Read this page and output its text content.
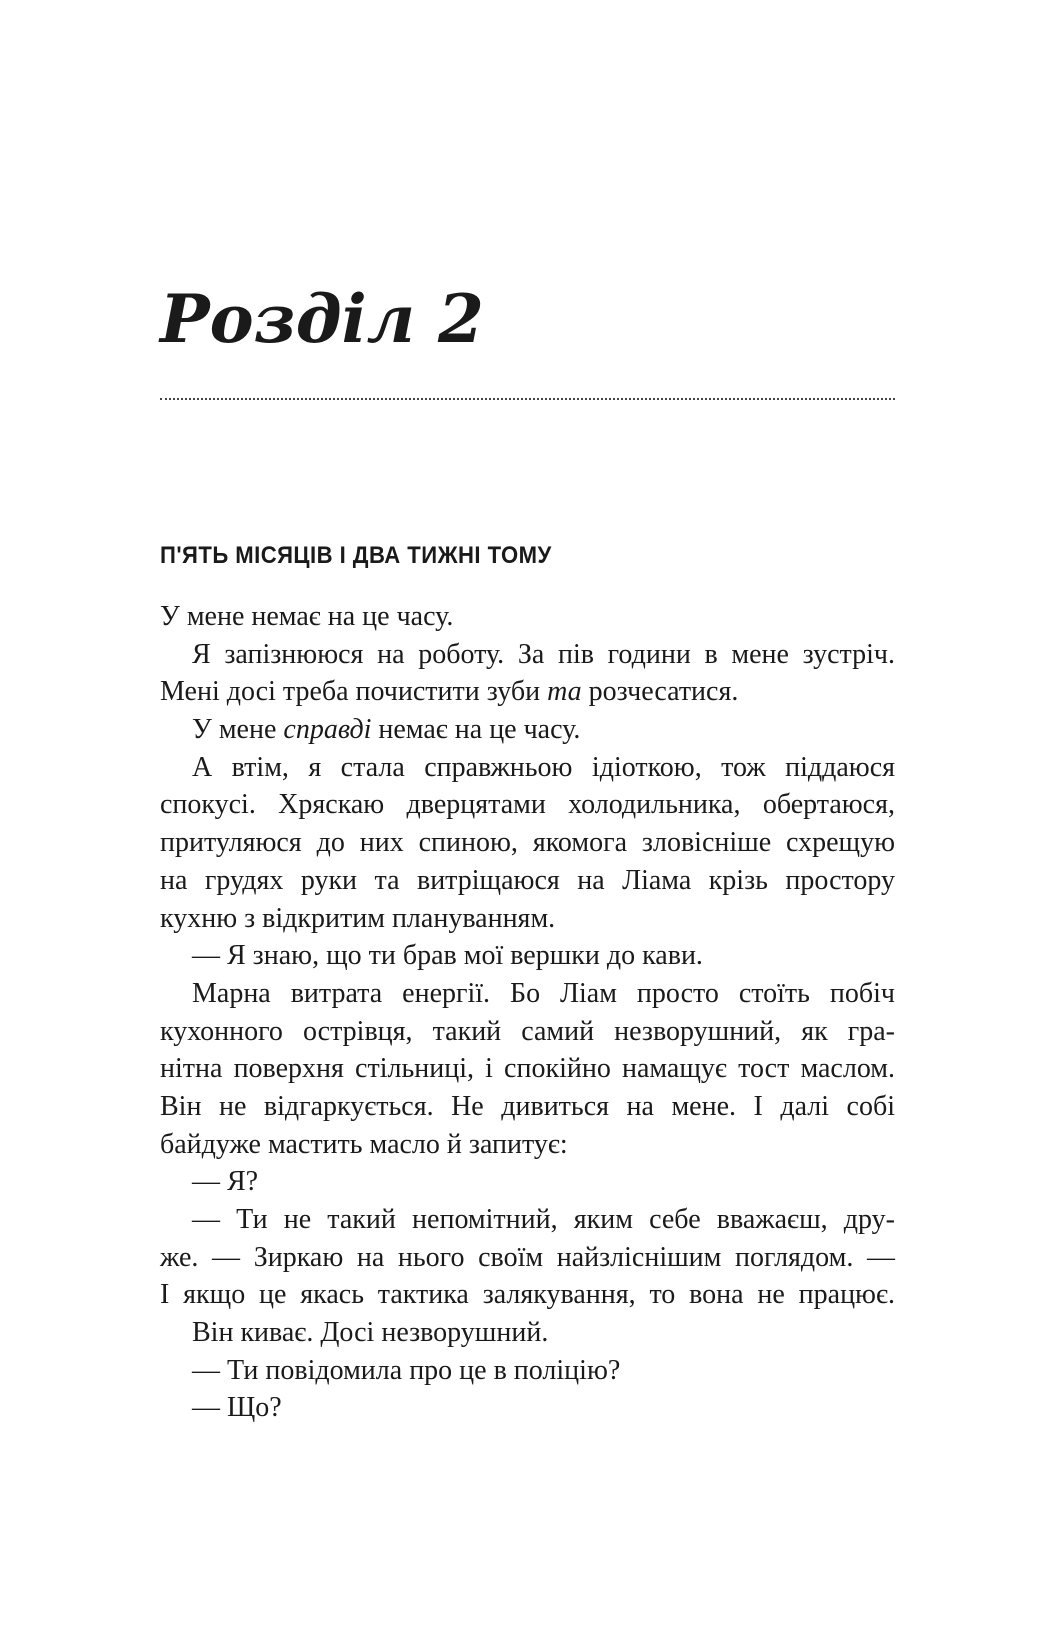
Розділ 2
П'ЯТЬ МІСЯЦІВ І ДВА ТИЖНІ ТОМУ
У мене немає на це часу.
Я запізнююся на роботу. За пів години в мене зустріч.
Мені досі треба почистити зуби та розчесатися.
У мене справді немає на це часу.
А втім, я стала справжньою ідіоткою, тож піддаюся
спокусі. Хряскаю дверцятами холодильника, обертаюся,
притуляюся до них спиною, якомога зловісніше схрещую
на грудях руки та витріщаюся на Ліама крізь простору
кухню з відкритим плануванням.
— Я знаю, що ти брав мої вершки до кави.
Марна витрата енергії. Бо Ліам просто стоїть побіч
кухонного острівця, такий самий незворушний, як гра-
нітна поверхня стільниці, і спокійно намащує тост маслом.
Він не відгаркується. Не дивиться на мене. І далі собі
байдуже мастить масло й запитує:
— Я?
— Ти не такий непомітний, яким себе вважаєш, дру-
же. — Зиркаю на нього своїм найзліснішим поглядом. —
І якщо це якась тактика залякування, то вона не працює.
Він киває. Досі незворушний.
— Ти повідомила про це в поліцію?
— Що?
